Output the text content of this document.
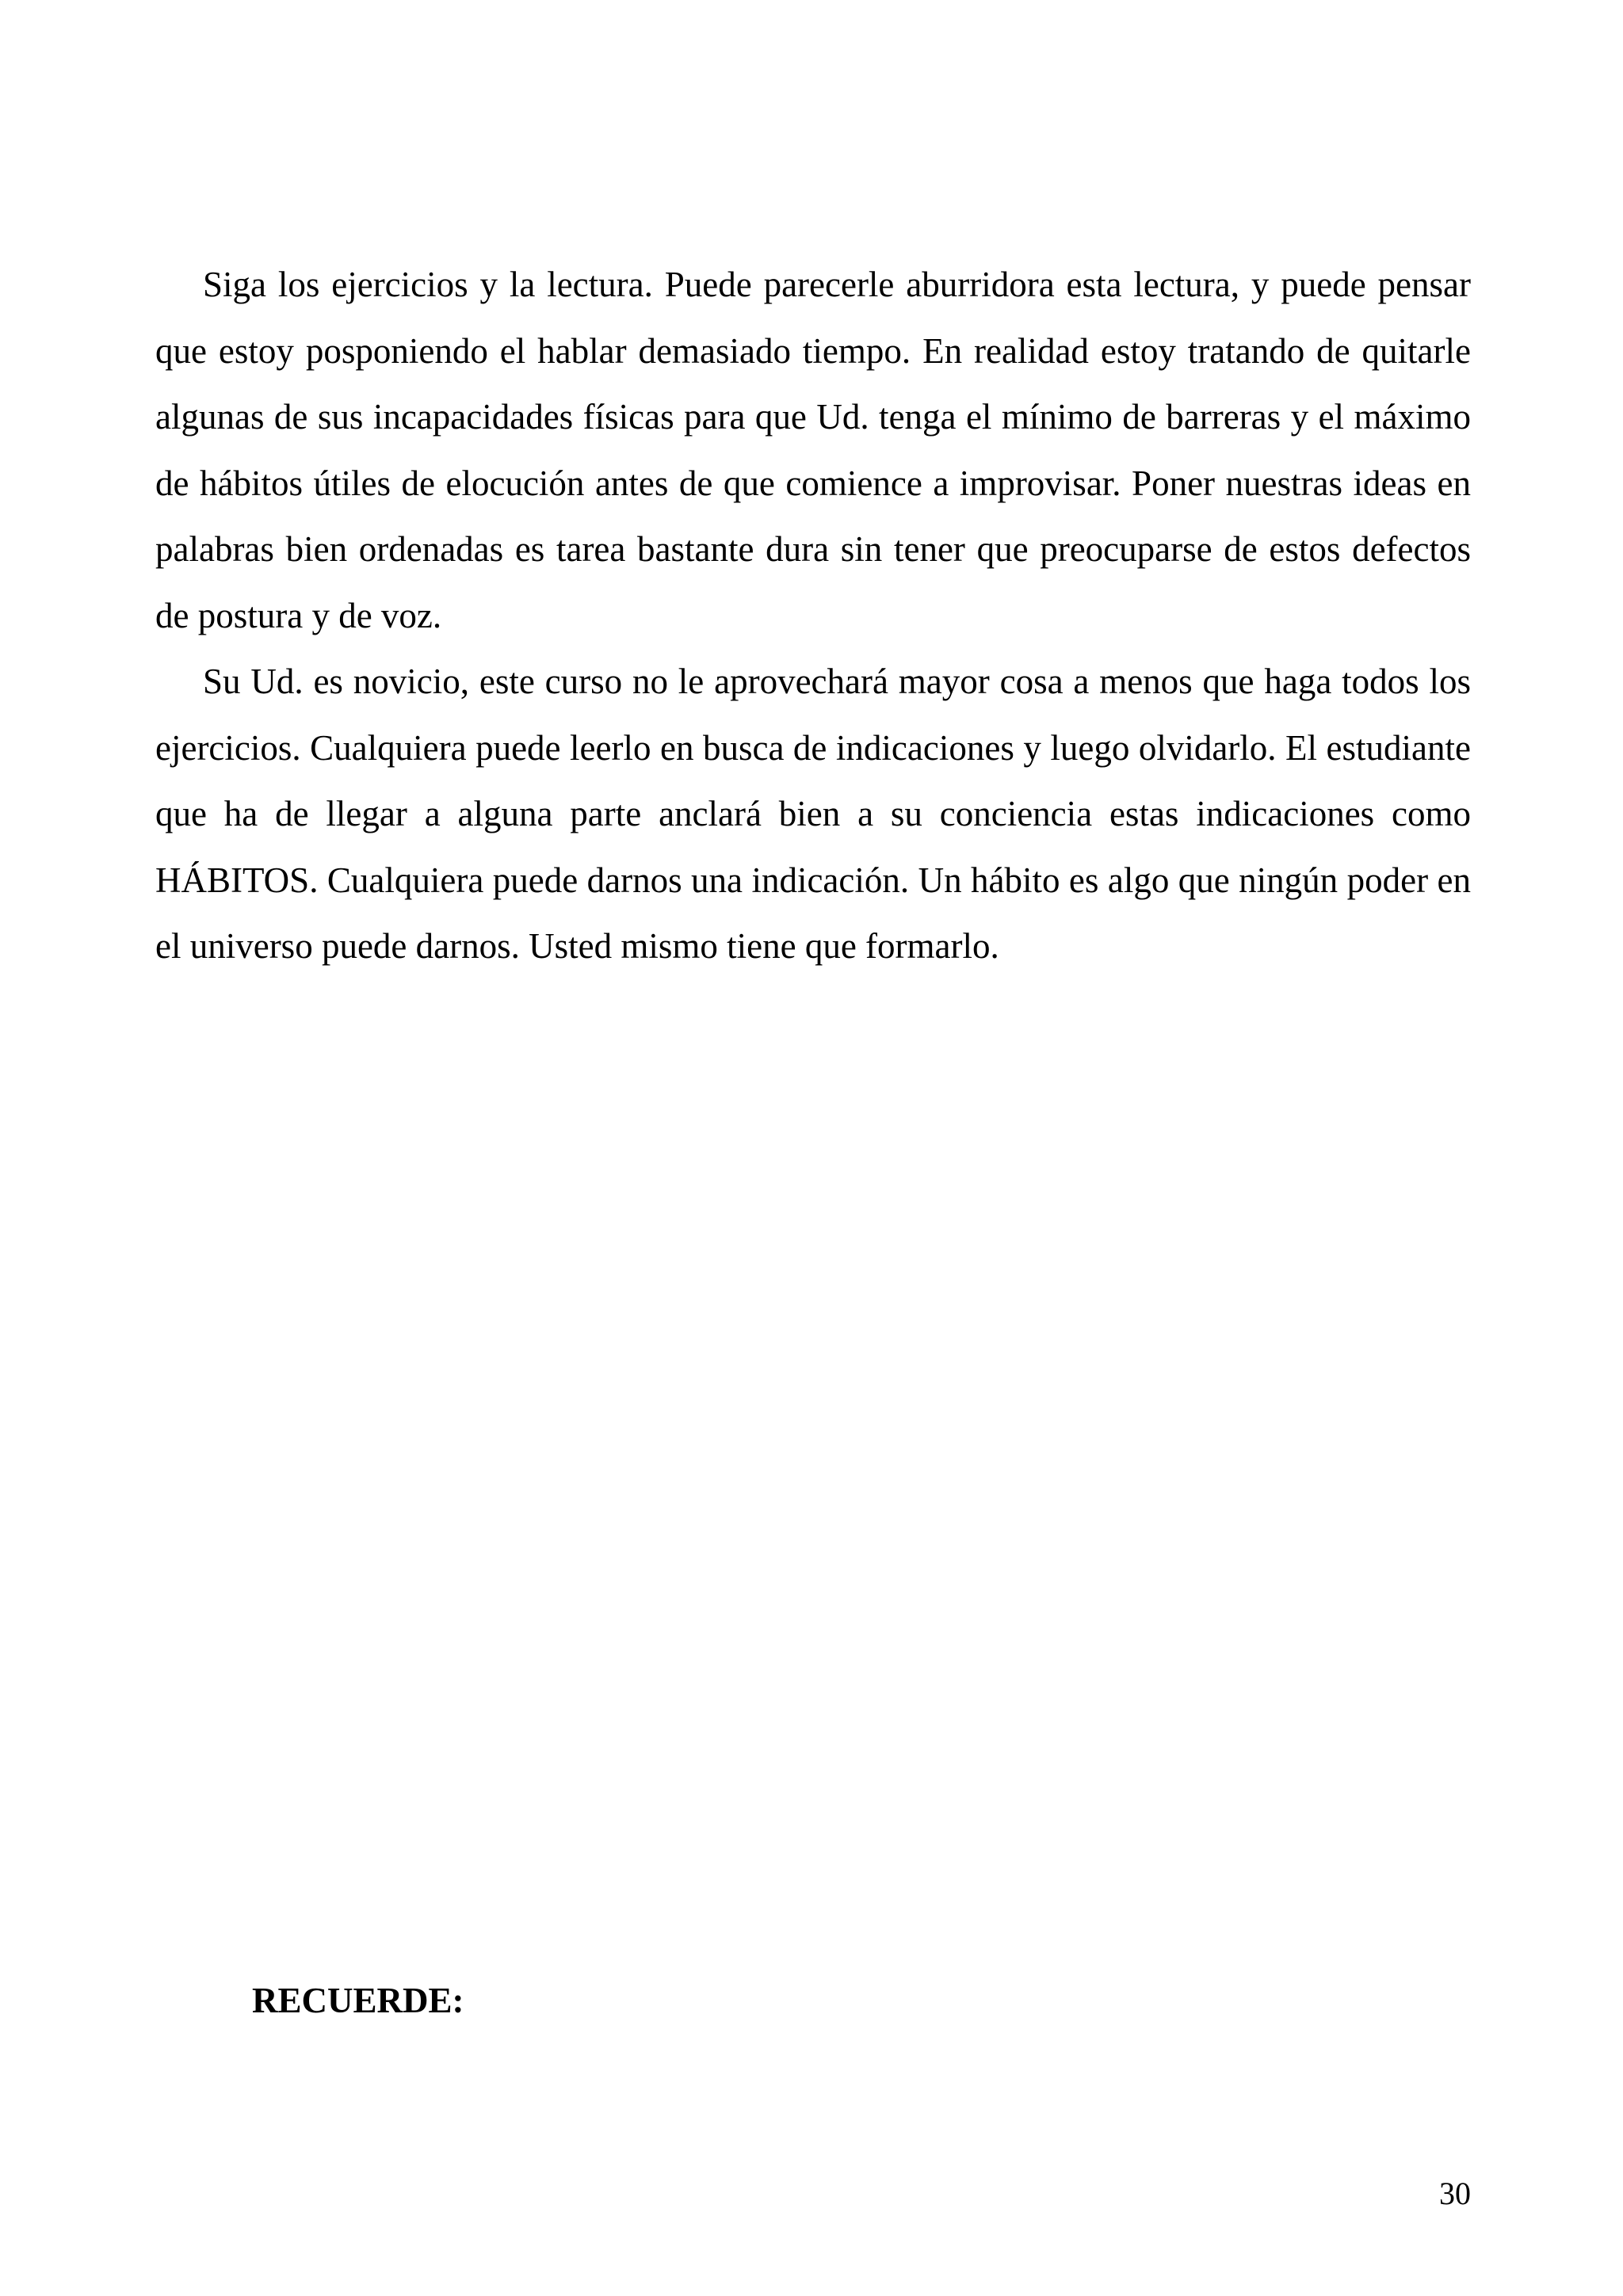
Siga los ejercicios y la lectura. Puede parecerle aburridora esta lectura, y puede pensar que estoy posponiendo el hablar demasiado tiempo. En realidad estoy tratando de quitarle algunas de sus incapacidades físicas para que Ud. tenga el mínimo de barreras y el máximo de hábitos útiles de elocución antes de que comience a improvisar. Poner nuestras ideas en palabras bien ordenadas es tarea bastante dura sin tener que preocuparse de estos defectos de postura y de voz.

Su Ud. es novicio, este curso no le aprovechará mayor cosa a menos que haga todos los ejercicios. Cualquiera puede leerlo en busca de indicaciones y luego olvidarlo. El estudiante que ha de llegar a alguna parte anclará bien a su conciencia estas indicaciones como HÁBITOS. Cualquiera puede darnos una indicación. Un hábito es algo que ningún poder en el universo puede darnos. Usted mismo tiene que formarlo.

RECUERDE:

30
